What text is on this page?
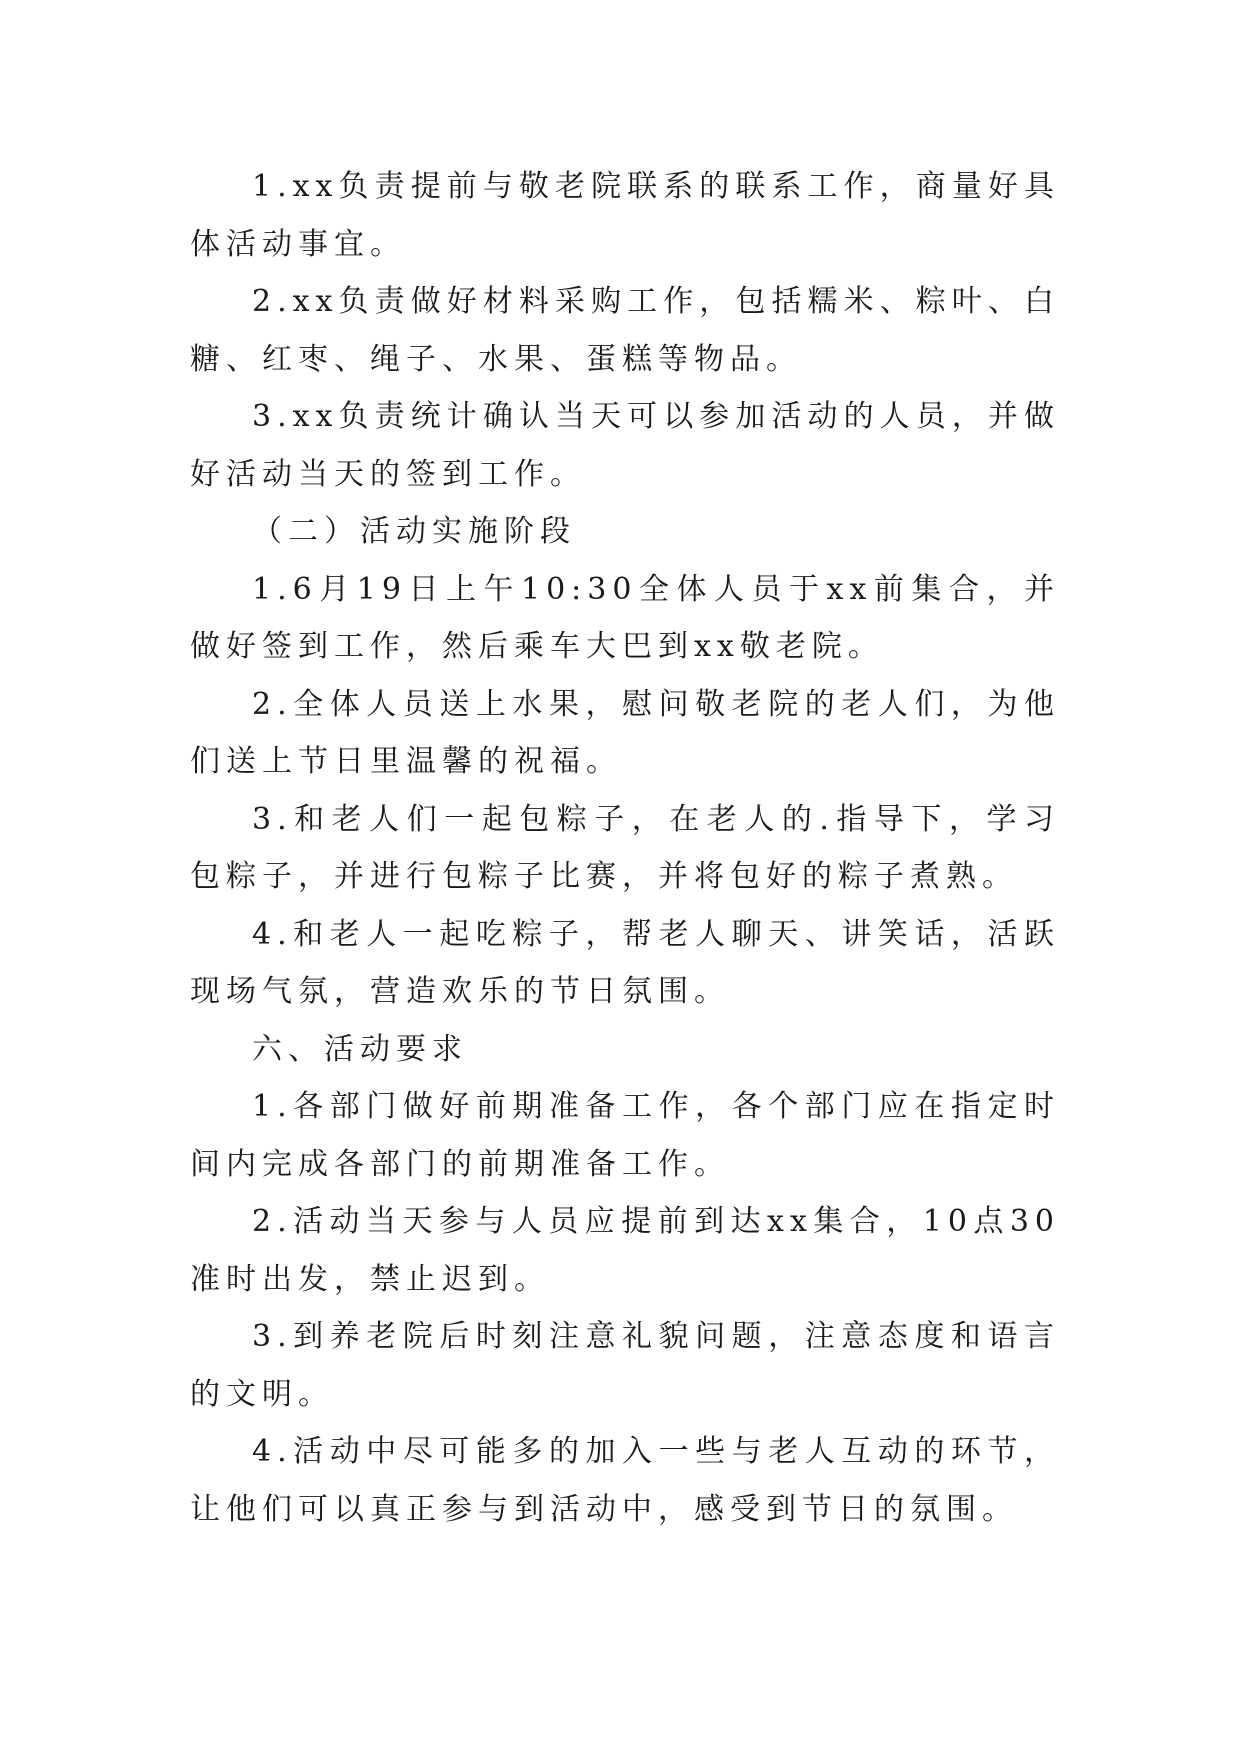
1.xx负责提前与敬老院联系的联系工作，商量好具体活动事宜。

2.xx负责做好材料采购工作，包括糯米、粽叶、白糖、红枣、绳子、水果、蛋糕等物品。

3.xx负责统计确认当天可以参加活动的人员，并做好活动当天的签到工作。

（二）活动实施阶段

1.6月19日上午10:30全体人员于xx前集合，并做好签到工作，然后乘车大巴到xx敬老院。

2.全体人员送上水果，慰问敬老院的老人们，为他们送上节日里温馨的祝福。

3.和老人们一起包粽子，在老人的.指导下，学习包粽子，并进行包粽子比赛，并将包好的粽子煮熟。

4.和老人一起吃粽子，帮老人聊天、讲笑话，活跃现场气氛，营造欢乐的节日氛围。

六、活动要求

1.各部门做好前期准备工作，各个部门应在指定时间内完成各部门的前期准备工作。

2.活动当天参与人员应提前到达xx集合，10点30准时出发，禁止迟到。

3.到养老院后时刻注意礼貌问题，注意态度和语言的文明。

4.活动中尽可能多的加入一些与老人互动的环节，让他们可以真正参与到活动中，感受到节日的氛围。
